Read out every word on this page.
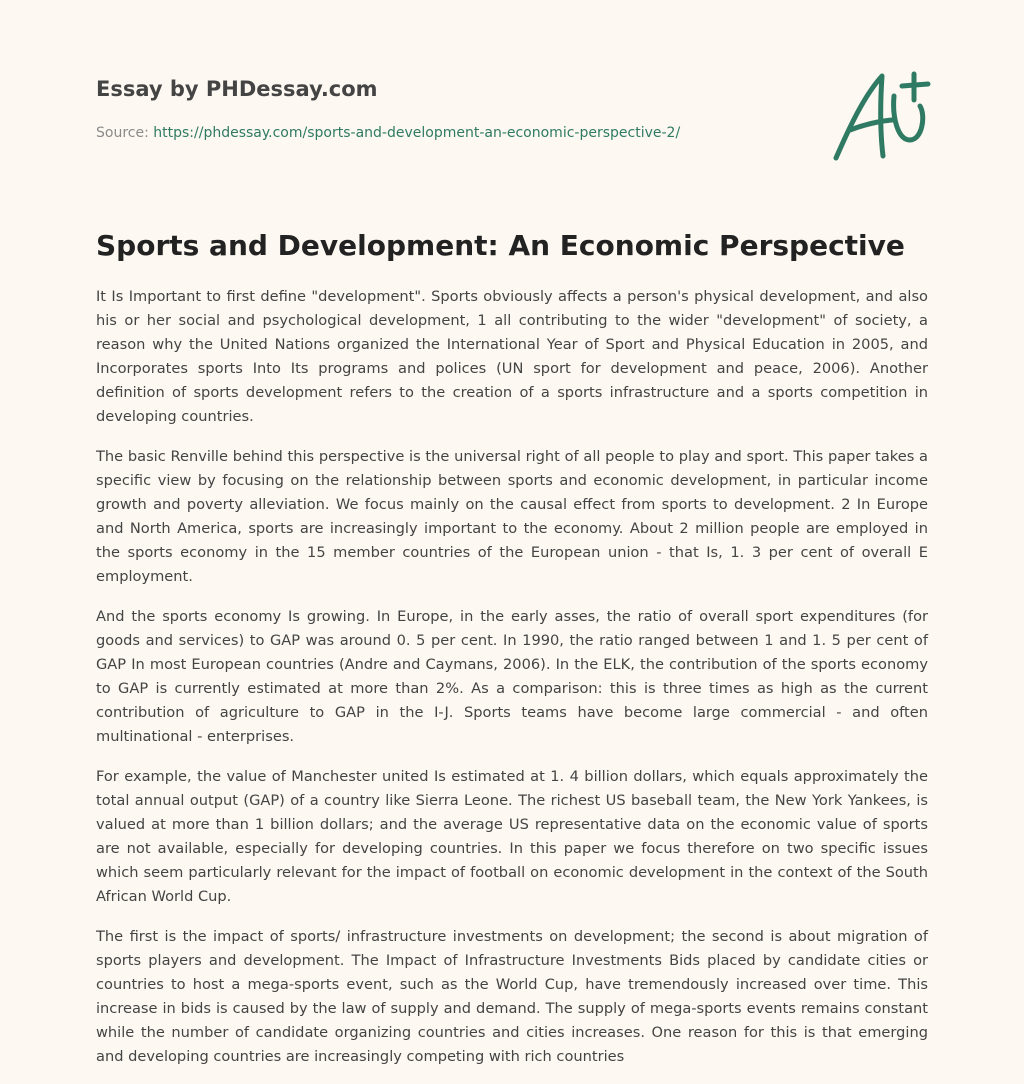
Essay by PHDessay.com
Source: https://phdessay.com/sports-and-development-an-economic-perspective-2/
Sports and Development: An Economic Perspective

It Is Important to first define "development". Sports obviously affects a person's physical development, and also his or her social and psychological development, 1 all contributing to the wider "development" of society, a reason why the United Nations organized the International Year of Sport and Physical Education in 2005, and Incorporates sports Into Its programs and polices (UN sport for development and peace, 2006). Another definition of sports development refers to the creation of a sports infrastructure and a sports competition in developing countries.

The basic Renville behind this perspective is the universal right of all people to play and sport. This paper takes a specific view by focusing on the relationship between sports and economic development, in particular income growth and poverty alleviation. We focus mainly on the causal effect from sports to development. 2 In Europe and North America, sports are increasingly important to the economy. About 2 million people are employed in the sports economy in the 15 member countries of the European union - that Is, 1. 3 per cent of overall E employment.

And the sports economy Is growing. In Europe, in the early asses, the ratio of overall sport expenditures (for goods and services) to GAP was around 0. 5 per cent. In 1990, the ratio ranged between 1 and 1. 5 per cent of GAP In most European countries (Andre and Caymans, 2006). In the ELK, the contribution of the sports economy to GAP is currently estimated at more than 2%. As a comparison: this is three times as high as the current contribution of agriculture to GAP in the I-J. Sports teams have become large commercial - and often multinational - enterprises.

For example, the value of Manchester united Is estimated at 1. 4 billion dollars, which equals approximately the total annual output (GAP) of a country like Sierra Leone. The richest US baseball team, the New York Yankees, is valued at more than 1 billion dollars; and the average US representative data on the economic value of sports are not available, especially for developing countries. In this paper we focus therefore on two specific issues which seem particularly relevant for the impact of football on economic development in the context of the South African World Cup.

The first is the impact of sports/ infrastructure investments on development; the second is about migration of sports players and development. The Impact of Infrastructure Investments Bids placed by candidate cities or countries to host a mega-sports event, such as the World Cup, have tremendously increased over time. This increase in bids is caused by the law of supply and demand. The supply of mega-sports events remains constant while the number of candidate organizing countries and cities increases. One reason for this is that emerging and developing countries are increasingly competing with rich countries
